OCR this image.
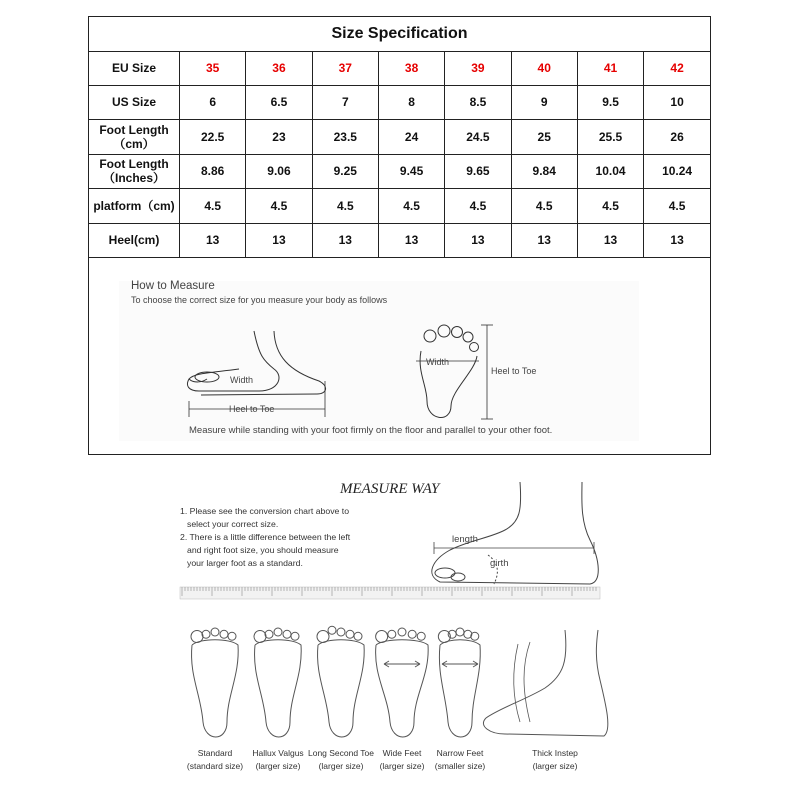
Size Specification
EU Size	35	36	37	38	39	40	41	42
US Size	6	6.5	7	8	8.5	9	9.5	10
Foot Length
（cm）	22.5	23	23.5	24	24.5	25	25.5	26
Foot Length
（Inches）	8.86	9.06	9.25	9.45	9.65	9.84	10.04	10.24
platform（cm)	4.5	4.5	4.5	4.5	4.5	4.5	4.5	4.5
Heel(cm)	13	13	13	13	13	13	13	13
How to Measure
To choose the correct size for you measure your body as follows
Width
Heel to Toe
Width
Heel to Toe
Measure while standing with your foot firmly on the floor and parallel to your other foot.
MEASURE WAY
1. Please see the conversion chart above to
select your correct size.
2. There is a little difference between the left
and right foot size, you should measure
your larger foot as a standard.
length
girth
Standard
(standard size)
Hallux Valgus
(larger size)
Long Second Toe
(larger size)
Wide Feet
(larger size)
Narrow Feet
(smaller size)
Thick Instep
(larger size)
